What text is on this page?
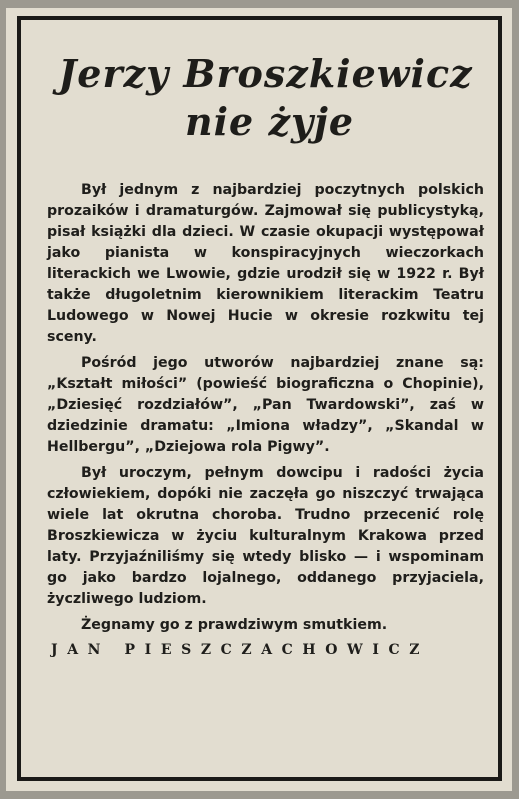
Jerzy Broszkiewicz
nie żyje

Był jednym z najbardziej poczytnych polskich prozaików i dramaturgów. Zajmował się publicystyką, pisał książki dla dzieci. W czasie okupacji występował jako pianista w konspiracyjnych wieczorkach literackich we Lwowie, gdzie urodził się w 1922 r. Był także długoletnim kierownikiem literackim Teatru Ludowego w Nowej Hucie w okresie rozkwitu tej sceny.

Pośród jego utworów najbardziej znane są: „Kształt miłości” (powieść biograficzna o Chopinie), „Dziesięć rozdziałów”, „Pan Twardowski”, zaś w dziedzinie dramatu: „Imiona władzy”, „Skandal w Hellbergu”, „Dziejowa rola Pigwy”.

Był uroczym, pełnym dowcipu i radości życia człowiekiem, dopóki nie zaczęła go niszczyć trwająca wiele lat okrutna choroba. Trudno przecenić rolę Broszkiewicza w życiu kulturalnym Krakowa przed laty. Przyjaźniliśmy się wtedy blisko — i wspominam go jako bardzo lojalnego, oddanego przyjaciela, życzliwego ludziom.

Żegnamy go z prawdziwym smutkiem.

JAN PIESZCZACHOWICZ
